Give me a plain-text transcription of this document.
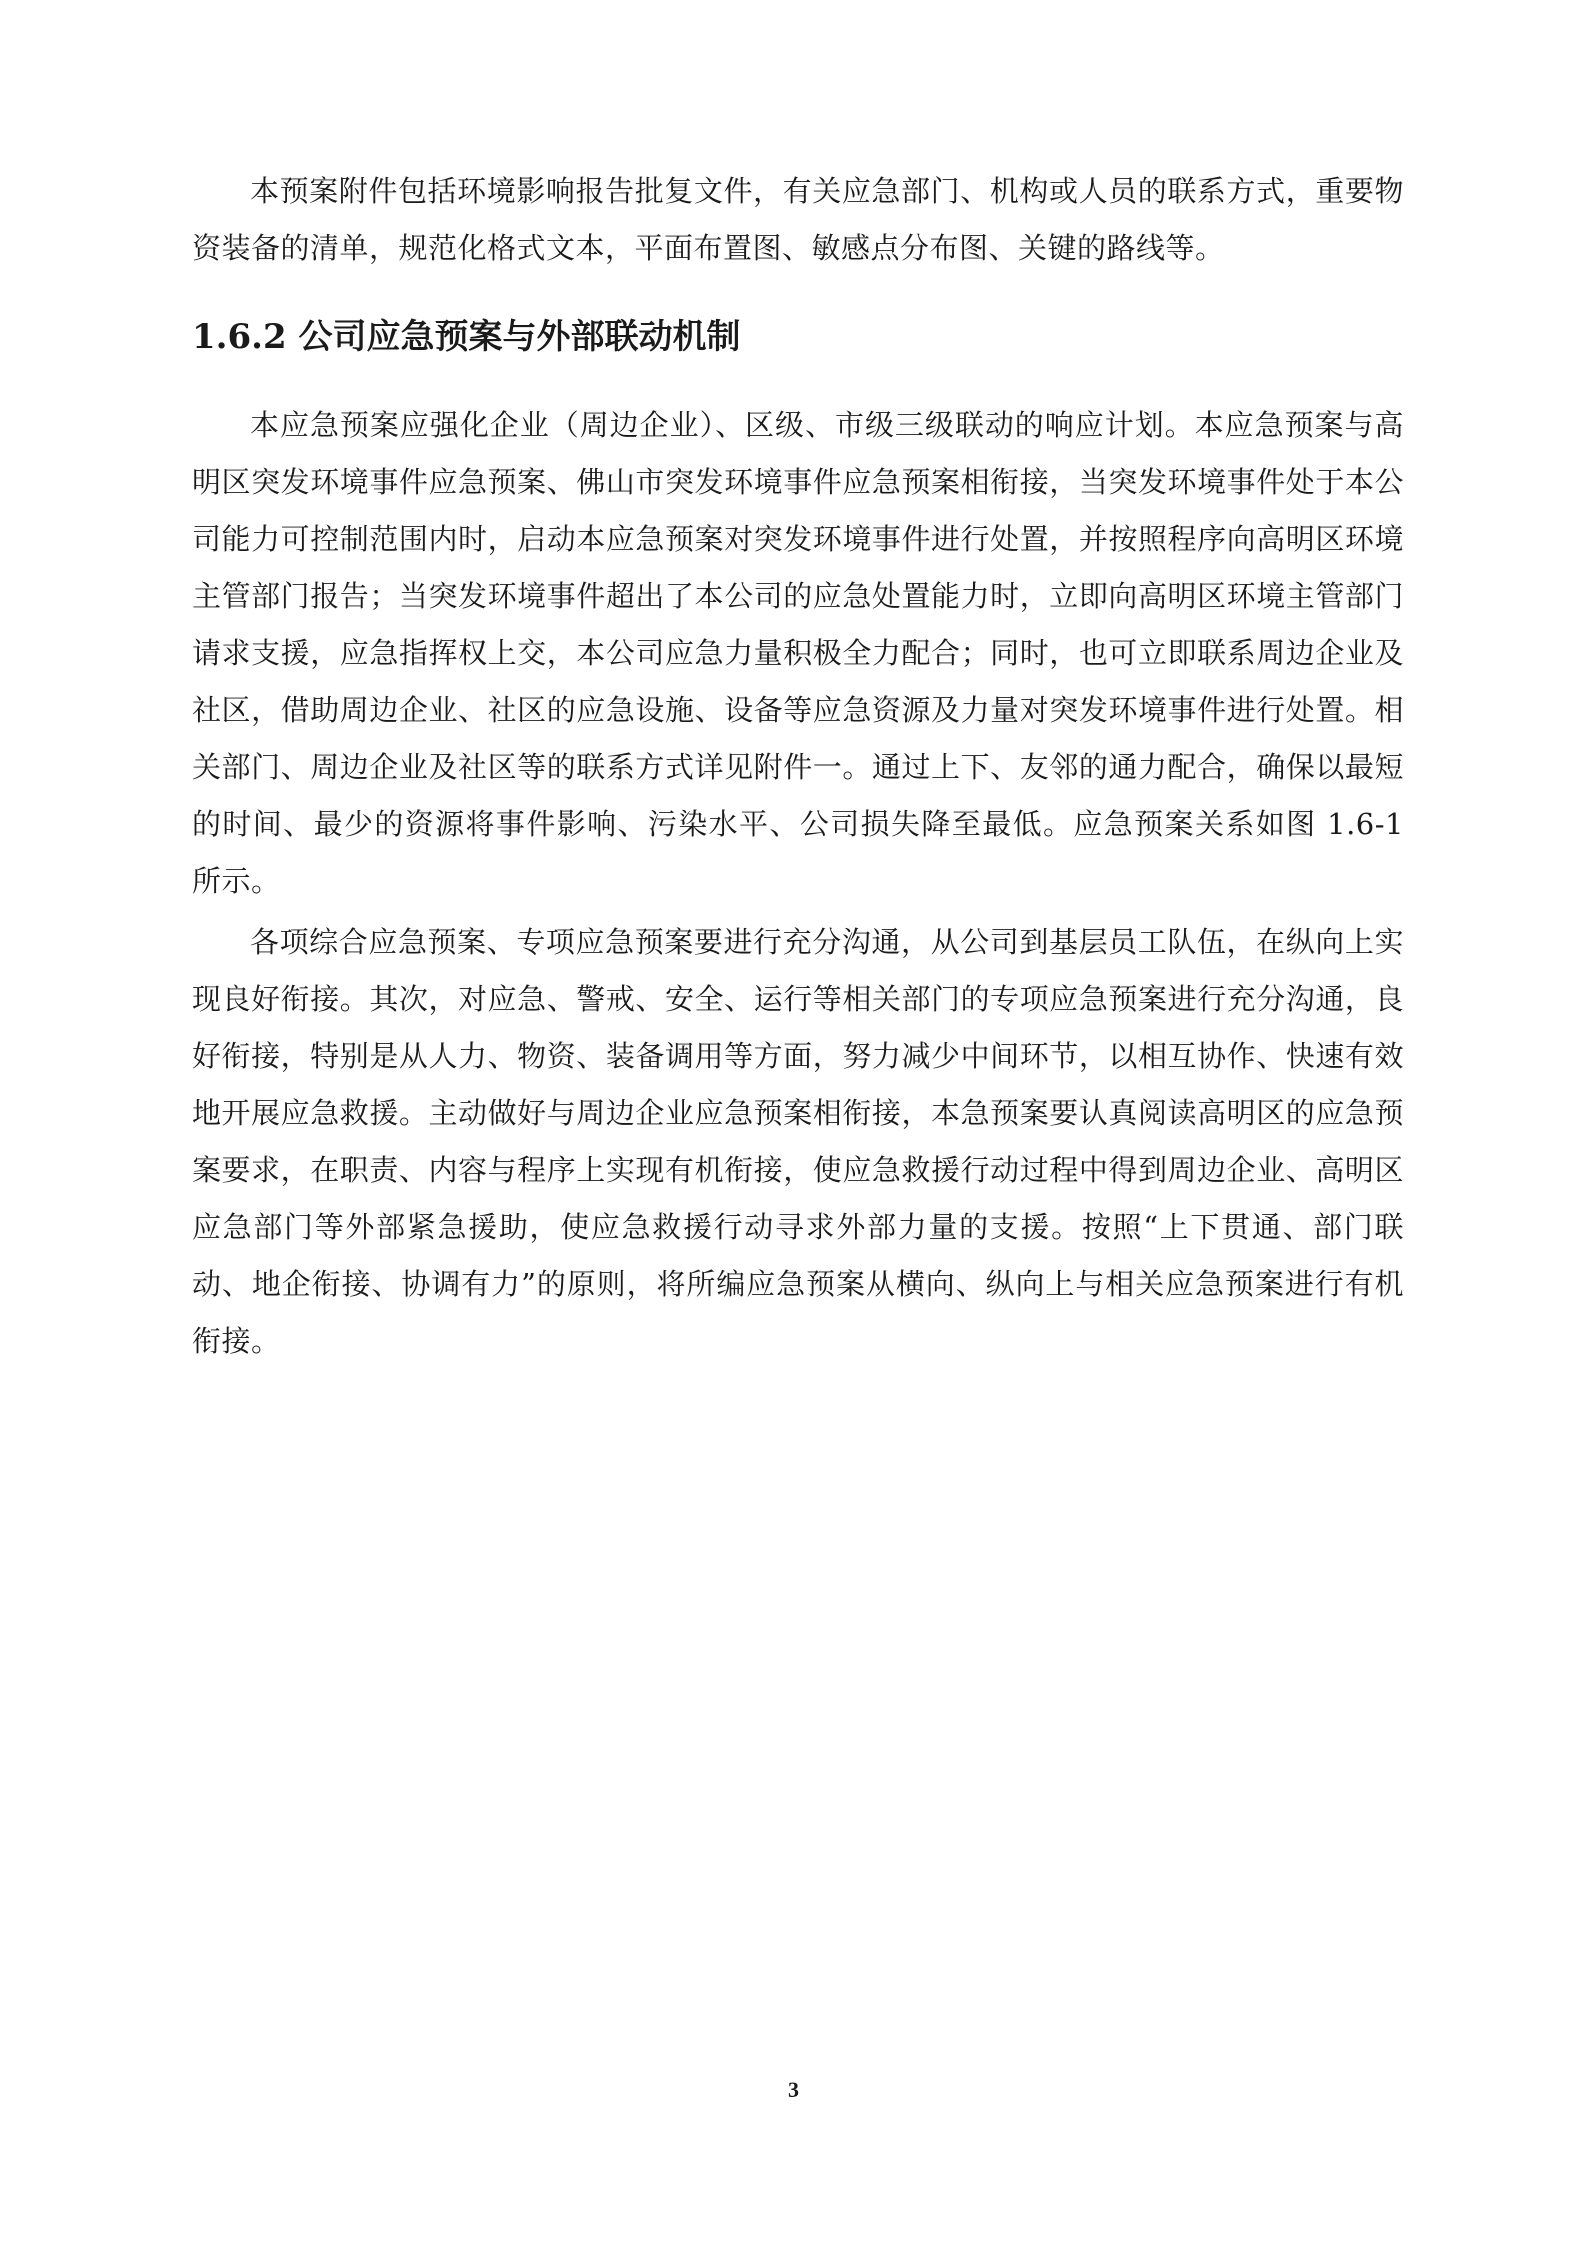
本预案附件包括环境影响报告批复文件，有关应急部门、机构或人员的联系方式，重要物资装备的清单，规范化格式文本，平面布置图、敏感点分布图、关键的路线等。

1.6.2 公司应急预案与外部联动机制

本应急预案应强化企业（周边企业）、区级、市级三级联动的响应计划。本应急预案与高明区突发环境事件应急预案、佛山市突发环境事件应急预案相衔接，当突发环境事件处于本公司能力可控制范围内时，启动本应急预案对突发环境事件进行处置，并按照程序向高明区环境主管部门报告；当突发环境事件超出了本公司的应急处置能力时，立即向高明区环境主管部门请求支援，应急指挥权上交，本公司应急力量积极全力配合；同时，也可立即联系周边企业及社区，借助周边企业、社区的应急设施、设备等应急资源及力量对突发环境事件进行处置。相关部门、周边企业及社区等的联系方式详见附件一。通过上下、友邻的通力配合，确保以最短的时间、最少的资源将事件影响、污染水平、公司损失降至最低。应急预案关系如图 1.6-1 所示。

各项综合应急预案、专项应急预案要进行充分沟通，从公司到基层员工队伍，在纵向上实现良好衔接。其次，对应急、警戒、安全、运行等相关部门的专项应急预案进行充分沟通，良好衔接，特别是从人力、物资、装备调用等方面，努力减少中间环节，以相互协作、快速有效地开展应急救援。主动做好与周边企业应急预案相衔接，本急预案要认真阅读高明区的应急预案要求，在职责、内容与程序上实现有机衔接，使应急救援行动过程中得到周边企业、高明区应急部门等外部紧急援助，使应急救援行动寻求外部力量的支援。按照“上下贯通、部门联动、地企衔接、协调有力”的原则，将所编应急预案从横向、纵向上与相关应急预案进行有机衔接。

3
